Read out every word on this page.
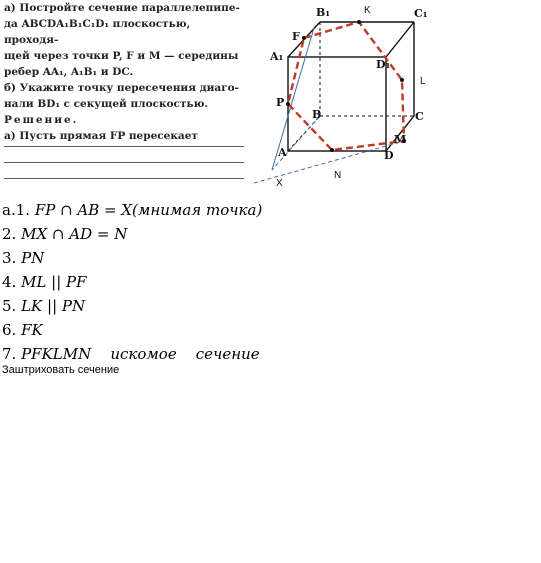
а) Постройте сечение параллелепипе-

да ABCDA₁B₁C₁D₁ плоскостью, проходя-

щей через точки P, F и M — середины

ребер AA₁, A₁B₁ и DC.

б) Укажите точку пересечения диаго-

нали BD₁ с секущей плоскостью.

Решение.

а) Пусть прямая FP пересекает

B₁	K	C₁
F
A₁
D₁
L
P
B	C
M
A	D
N
X
a.1. FP ∩ AB = X(мнимая точка)
2. MX ∩ AD = N
3. PN
4. ML || PF
5. LK || PN
6. FK
7. PFKLMN    искомое    сечение
Заштриховать сечение
